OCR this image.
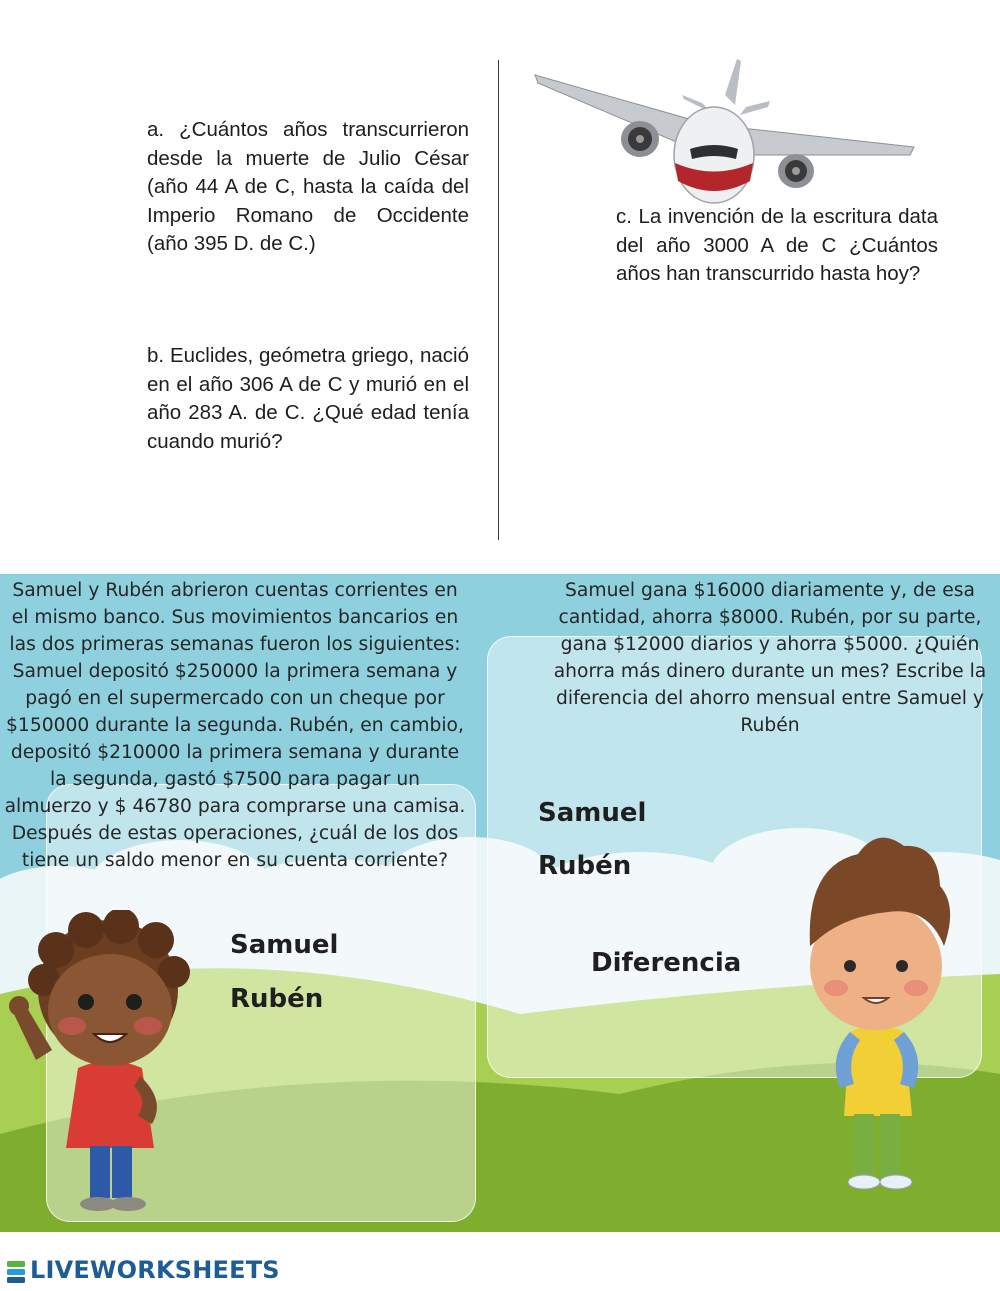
a. ¿Cuántos años transcurrieron desde la muerte de Julio César (año 44 A de C, hasta la caída del Imperio Romano de Occidente (año 395 D. de C.)
b. Euclides, geómetra griego, nació en el año 306 A de C y murió en el año 283 A. de C. ¿Qué edad tenía cuando murió?
c. La invención de la escritura data del año 3000 A de C ¿Cuántos años han transcurrido hasta hoy?
Samuel y Rubén abrieron cuentas corrientes en
el mismo banco. Sus movimientos bancarios en
las dos primeras semanas fueron los siguientes:
Samuel depositó $250000 la primera semana y
pagó en el supermercado con un cheque por
$150000 durante la segunda. Rubén, en cambio,
depositó $210000 la primera semana y durante
la segunda, gastó $7500 para pagar un
almuerzo y $ 46780 para comprarse una camisa.
Después de estas operaciones, ¿cuál de los dos
tiene un saldo menor en su cuenta corriente?
Samuel gana $16000 diariamente y, de esa
cantidad, ahorra $8000. Rubén, por su parte,
gana $12000 diarios y ahorra $5000. ¿Quién
ahorra más dinero durante un mes? Escribe la
diferencia del ahorro mensual entre Samuel y
Rubén
Samuel
Rubén
Samuel
Rubén
Diferencia
LIVEWORKSHEETS
